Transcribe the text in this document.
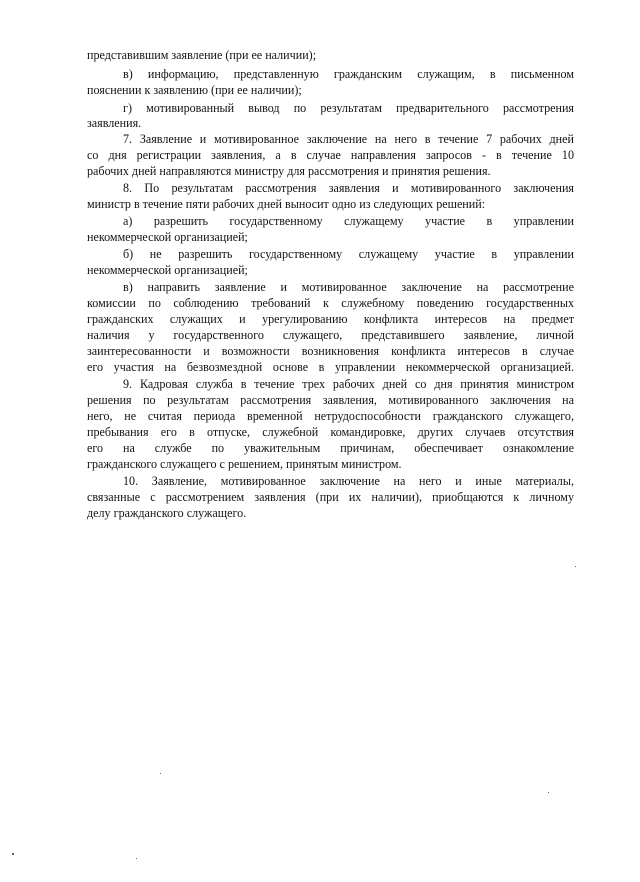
представившим заявление (при ее наличии);
в) информацию, представленную гражданским служащим, в письменном
пояснении к заявлению (при ее наличии);
г) мотивированный вывод по результатам предварительного рассмотрения
заявления.
7. Заявление и мотивированное заключение на него в течение 7 рабочих дней
со дня регистрации заявления, а в случае направления запросов - в течение 10
рабочих дней направляются министру для рассмотрения и принятия решения.
8. По результатам рассмотрения заявления и мотивированного заключения
министр в течение пяти рабочих дней выносит одно из следующих решений:
а) разрешить государственному служащему участие в управлении
некоммерческой организацией;
б) не разрешить государственному служащему участие в управлении
некоммерческой организацией;
в) направить заявление и мотивированное заключение на рассмотрение
комиссии по соблюдению требований к служебному поведению государственных
гражданских служащих и урегулированию конфликта интересов на предмет
наличия у государственного служащего, представившего заявление, личной
заинтересованности и возможности возникновения конфликта интересов в случае
его участия на безвозмездной основе в управлении некоммерческой организацией.
9. Кадровая служба в течение трех рабочих дней со дня принятия министром
решения по результатам рассмотрения заявления, мотивированного заключения на
него, не считая периода временной нетрудоспособности гражданского служащего,
пребывания его в отпуске, служебной командировке, других случаев отсутствия
его на службе по уважительным причинам, обеспечивает ознакомление
гражданского служащего с решением, принятым министром.
10. Заявление, мотивированное заключение на него и иные материалы,
связанные с рассмотрением заявления (при их наличии), приобщаются к личному
делу гражданского служащего.
